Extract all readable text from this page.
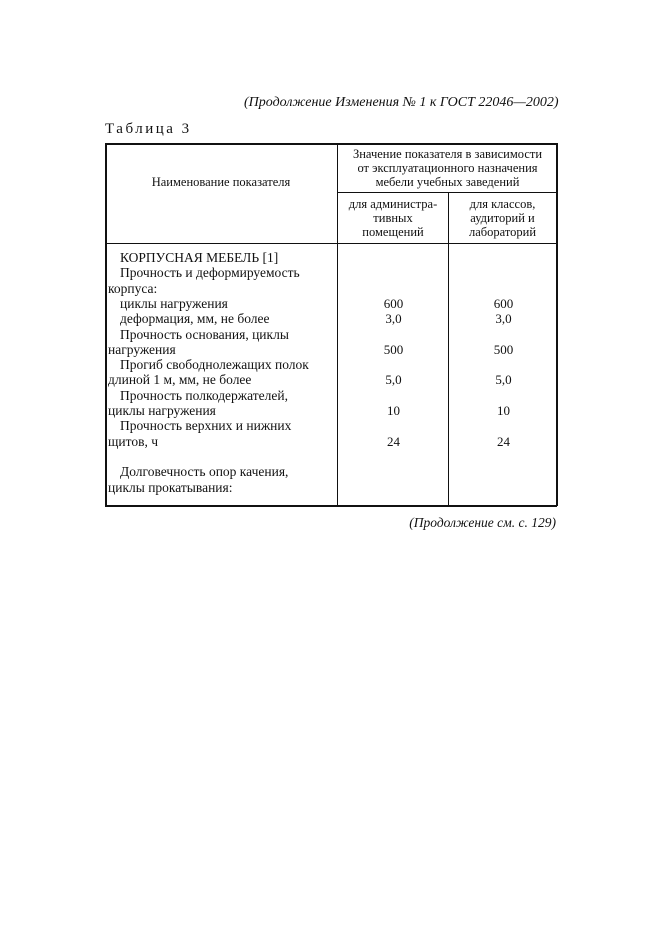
(Продолжение Изменения № 1 к ГОСТ 22046—2002)
Таблица 3
Наименование показателя
Значение показателя в зависимости
от эксплуатационного назначения
мебели учебных заведений
для администра-
тивных
помещений
для классов,
аудиторий и
лабораторий
КОРПУСНАЯ МЕБЕЛЬ [1]
Прочность и деформируемость
корпуса:
циклы нагружения	600	600
деформация, мм, не более	3,0	3,0
Прочность основания, циклы
нагружения	500	500
Прогиб свободнолежащих полок
длиной 1 м, мм, не более	5,0	5,0
Прочность полкодержателей,
циклы нагружения	10	10
Прочность верхних и нижних
щитов, ч	24	24
Долговечность опор качения,
циклы прокатывания:
(Продолжение см. с. 129)
